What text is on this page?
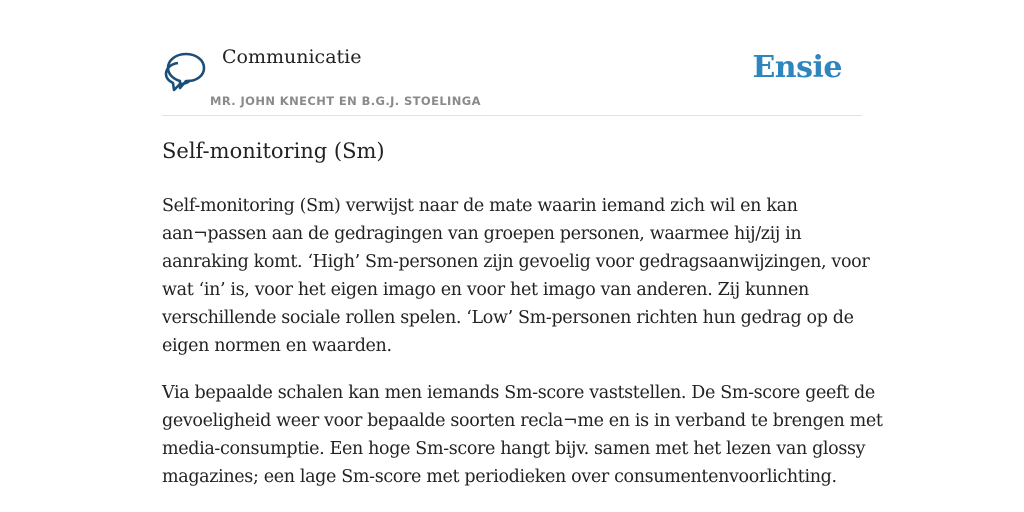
Communicatie
MR. JOHN KNECHT EN B.G.J. STOELINGA
Ensie
Self-monitoring (Sm)

Self-monitoring (Sm) verwijst naar de mate waarin iemand zich wil en kan
aan¬passen aan de gedragingen van groepen personen, waarmee hij/zij in
aanraking komt. ‘High’ Sm-personen zijn gevoelig voor gedragsaanwijzingen, voor
wat ‘in’ is, voor het eigen imago en voor het imago van anderen. Zij kunnen
verschillende sociale rollen spelen. ‘Low’ Sm-personen richten hun gedrag op de
eigen normen en waarden.

Via bepaalde schalen kan men iemands Sm-score vaststellen. De Sm-score geeft de
gevoeligheid weer voor bepaalde soorten recla¬me en is in verband te brengen met
media-consumptie. Een hoge Sm-score hangt bijv. samen met het lezen van glossy
magazines; een lage Sm-score met periodieken over consumentenvoorlichting.
